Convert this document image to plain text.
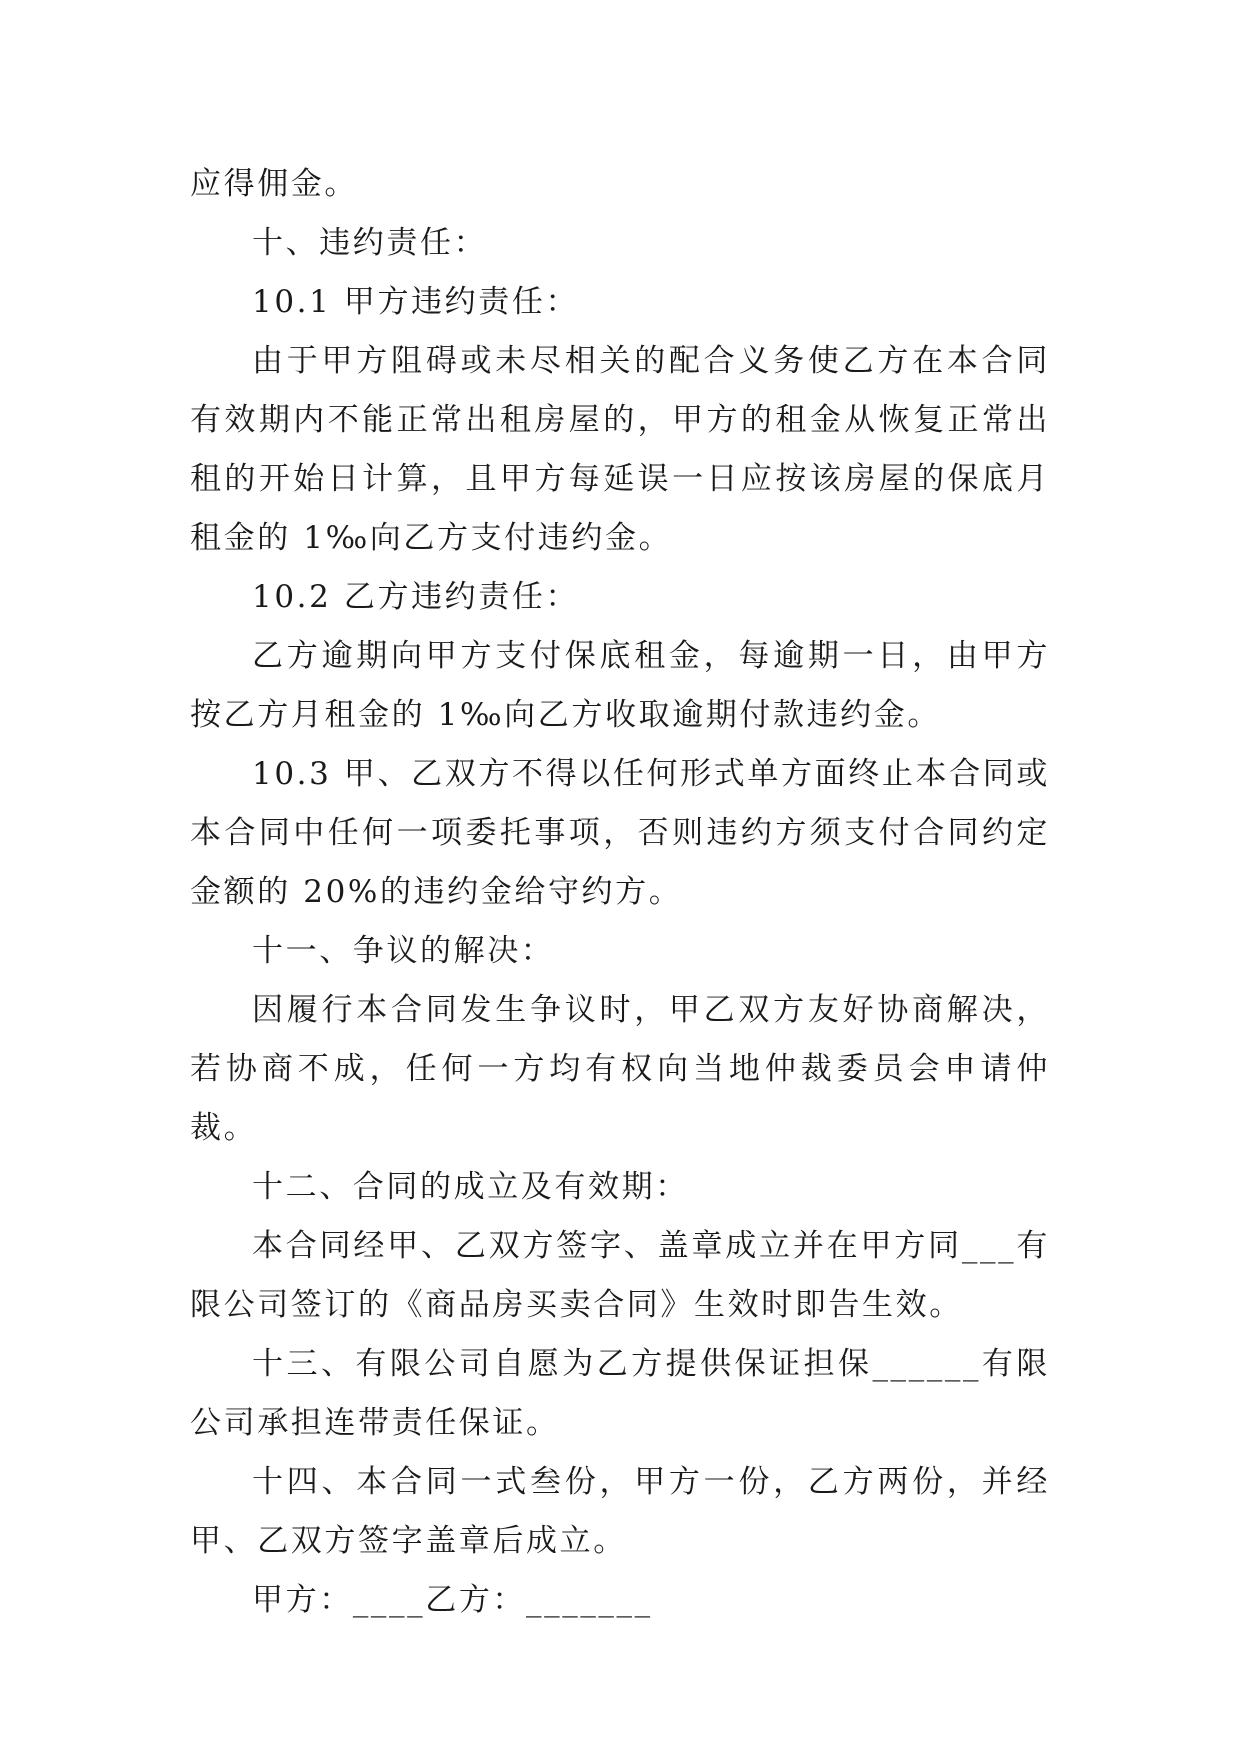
应得佣金。

十、违约责任：

10.1 甲方违约责任：

由于甲方阻碍或未尽相关的配合义务使乙方在本合同有效期内不能正常出租房屋的，甲方的租金从恢复正常出租的开始日计算，且甲方每延误一日应按该房屋的保底月租金的 1‰向乙方支付违约金。

10.2 乙方违约责任：

乙方逾期向甲方支付保底租金，每逾期一日，由甲方按乙方月租金的 1‰向乙方收取逾期付款违约金。

10.3 甲、乙双方不得以任何形式单方面终止本合同或本合同中任何一项委托事项，否则违约方须支付合同约定金额的 20%的违约金给守约方。

十一、争议的解决：

因履行本合同发生争议时，甲乙双方友好协商解决，若协商不成，任何一方均有权向当地仲裁委员会申请仲裁。

十二、合同的成立及有效期：

本合同经甲、乙双方签字、盖章成立并在甲方同___有限公司签订的《商品房买卖合同》生效时即告生效。

十三、有限公司自愿为乙方提供保证担保______有限公司承担连带责任保证。

十四、本合同一式叁份，甲方一份，乙方两份，并经甲、乙双方签字盖章后成立。

甲方：____乙方：_______
